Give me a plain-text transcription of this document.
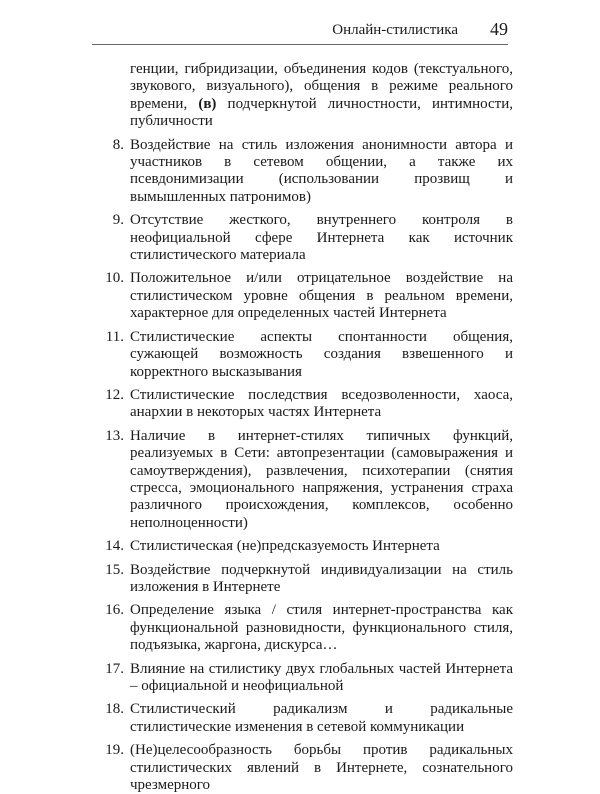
Онлайн-стилистика 49

генции, гибридизации, объединения кодов (текстуального, звукового, визуального), общения в режиме реального времени, (в) подчеркнутой личностности, интимности, публичности

8. Воздействие на стиль изложения анонимности автора и участников в сетевом общении, а также их псевдонимизации (использовании прозвищ и вымышленных патронимов)
9. Отсутствие жесткого, внутреннего контроля в неофициальной сфере Интернета как источник стилистического материала
10. Положительное и/или отрицательное воздействие на стилистическом уровне общения в реальном времени, характерное для определенных частей Интернета
11. Стилистические аспекты спонтанности общения, сужающей возможность создания взвешенного и корректного высказывания
12. Стилистические последствия вседозволенности, хаоса, анархии в некоторых частях Интернета
13. Наличие в интернет-стилях типичных функций, реализуемых в Сети: автопрезентации (самовыражения и самоутверждения), развлечения, психотерапии (снятия стресса, эмоционального напряжения, устранения страха различного происхождения, комплексов, особенно неполноценности)
14. Стилистическая (не)предсказуемость Интернета
15. Воздействие подчеркнутой индивидуализации на стиль изложения в Интернете
16. Определение языка / стиля интернет-пространства как функциональной разновидности, функционального стиля, подъязыка, жаргона, дискурса…
17. Влияние на стилистику двух глобальных частей Интернета – официальной и неофициальной
18. Стилистический радикализм и радикальные стилистические изменения в сетевой коммуникации
19. (Не)целесообразность борьбы против радикальных стилистических явлений в Интернете, сознательного чрезмерного
